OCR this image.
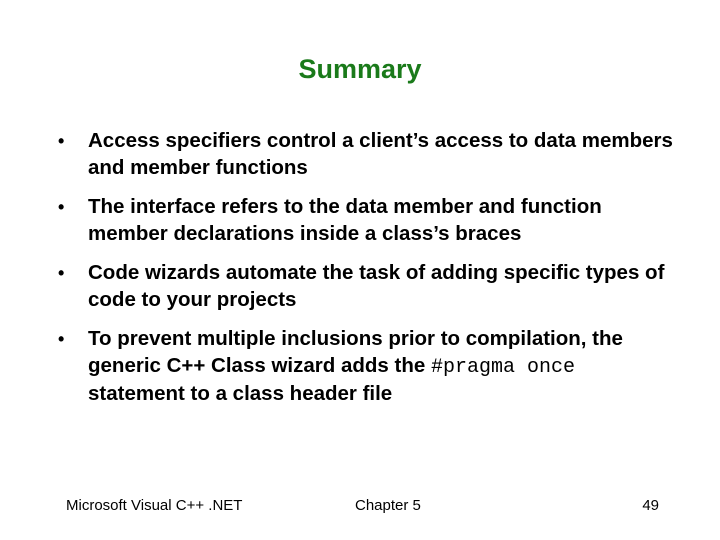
Summary
• Access specifiers control a client’s access to data members and member functions
• The interface refers to the data member and function member declarations inside a class’s braces
• Code wizards automate the task of adding specific types of code to your projects
• To prevent multiple inclusions prior to compilation, the generic C++ Class wizard adds the #pragma once statement to a class header file
Microsoft Visual C++ .NET	Chapter 5	49
